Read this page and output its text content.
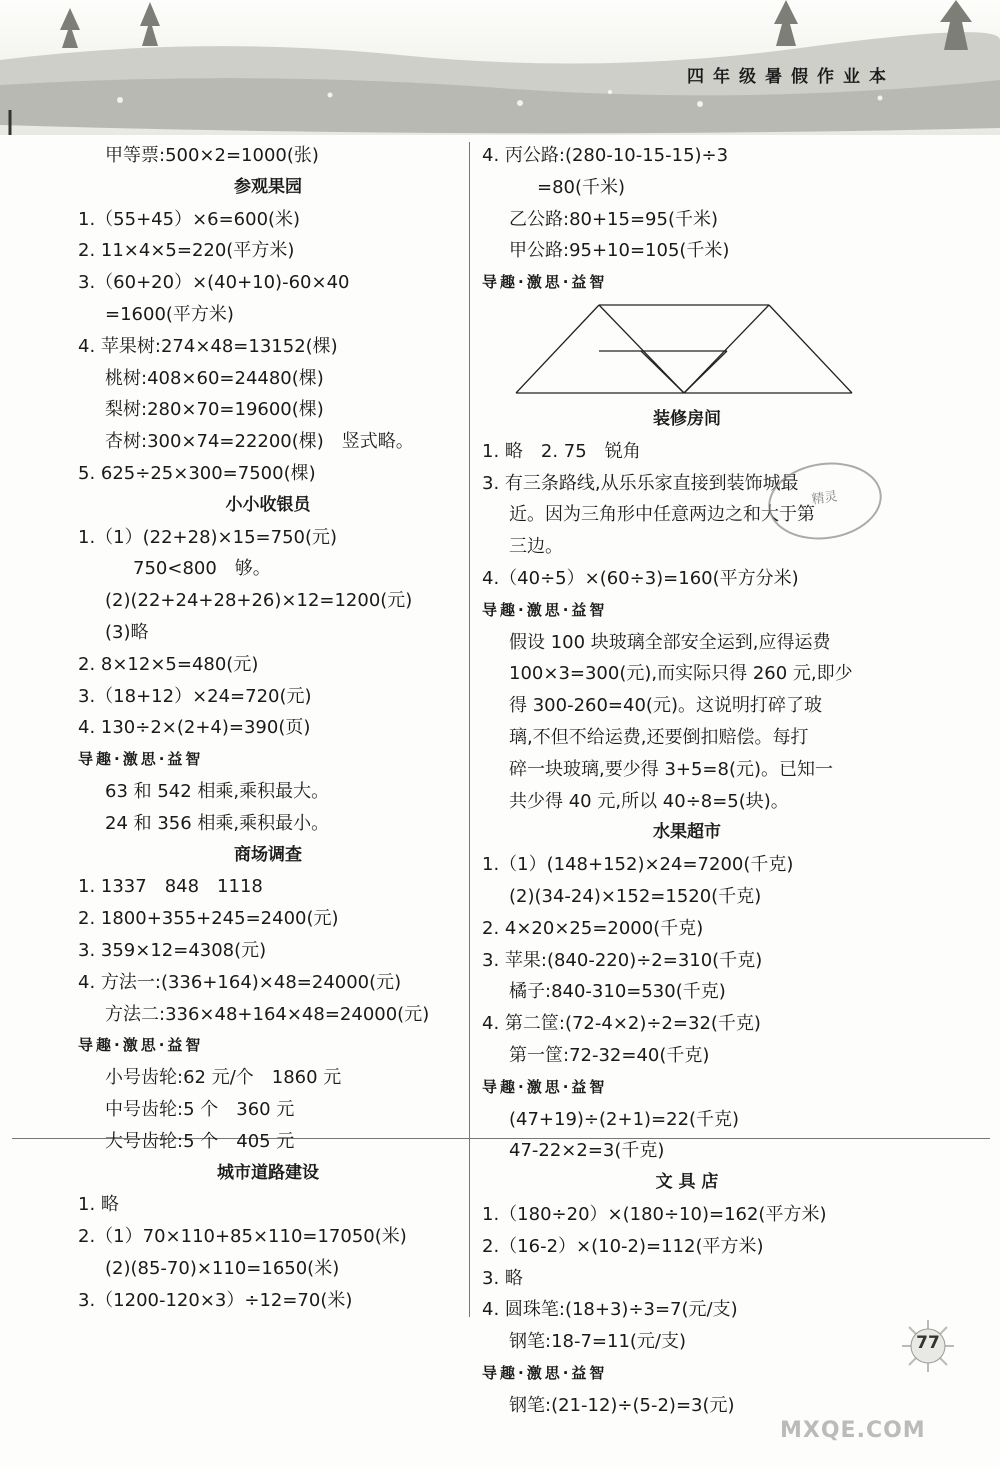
四年级暑假作业本
甲等票:500×2=1000(张)
参观果园
1.（55+45）×6=600(米)
2. 11×4×5=220(平方米)
3.（60+20）×(40+10)-60×40
=1600(平方米)
4. 苹果树:274×48=13152(棵)
桃树:408×60=24480(棵)
梨树:280×70=19600(棵)
杏树:300×74=22200(棵)　竖式略。
5. 625÷25×300=7500(棵)
小小收银员
1.（1）(22+28)×15=750(元)
750<800　够。
(2)(22+24+28+26)×12=1200(元)
(3)略
2. 8×12×5=480(元)
3.（18+12）×24=720(元)
4. 130÷2×(2+4)=390(页)
导趣·激思·益智
63 和 542 相乘,乘积最大。
24 和 356 相乘,乘积最小。
商场调查
1. 1337　848　1118
2. 1800+355+245=2400(元)
3. 359×12=4308(元)
4. 方法一:(336+164)×48=24000(元)
方法二:336×48+164×48=24000(元)
导趣·激思·益智
小号齿轮:62 元/个　1860 元
中号齿轮:5 个　360 元
大号齿轮:5 个　405 元
城市道路建设
1. 略
2.（1）70×110+85×110=17050(米)
(2)(85-70)×110=1650(米)
3.（1200-120×3）÷12=70(米)
4. 丙公路:(280-10-15-15)÷3
=80(千米)
乙公路:80+15=95(千米)
甲公路:95+10=105(千米)
导趣·激思·益智
装修房间
1. 略　2. 75　锐角
3. 有三条路线,从乐乐家直接到装饰城最
近。因为三角形中任意两边之和大于第
三边。
4.（40÷5）×(60÷3)=160(平方分米)
导趣·激思·益智
假设 100 块玻璃全部安全运到,应得运费
100×3=300(元),而实际只得 260 元,即少
得 300-260=40(元)。这说明打碎了玻
璃,不但不给运费,还要倒扣赔偿。每打
碎一块玻璃,要少得 3+5=8(元)。已知一
共少得 40 元,所以 40÷8=5(块)。
水果超市
1.（1）(148+152)×24=7200(千克)
(2)(34-24)×152=1520(千克)
2. 4×20×25=2000(千克)
3. 苹果:(840-220)÷2=310(千克)
橘子:840-310=530(千克)
4. 第二筐:(72-4×2)÷2=32(千克)
第一筐:72-32=40(千克)
导趣·激思·益智
(47+19)÷(2+1)=22(千克)
47-22×2=3(千克)
文 具 店
1.（180÷20）×(180÷10)=162(平方米)
2.（16-2）×(10-2)=112(平方米)
3. 略
4. 圆珠笔:(18+3)÷3=7(元/支)
钢笔:18-7=11(元/支)
导趣·激思·益智
钢笔:(21-12)÷(5-2)=3(元)
精灵
77
MXQE.COM
